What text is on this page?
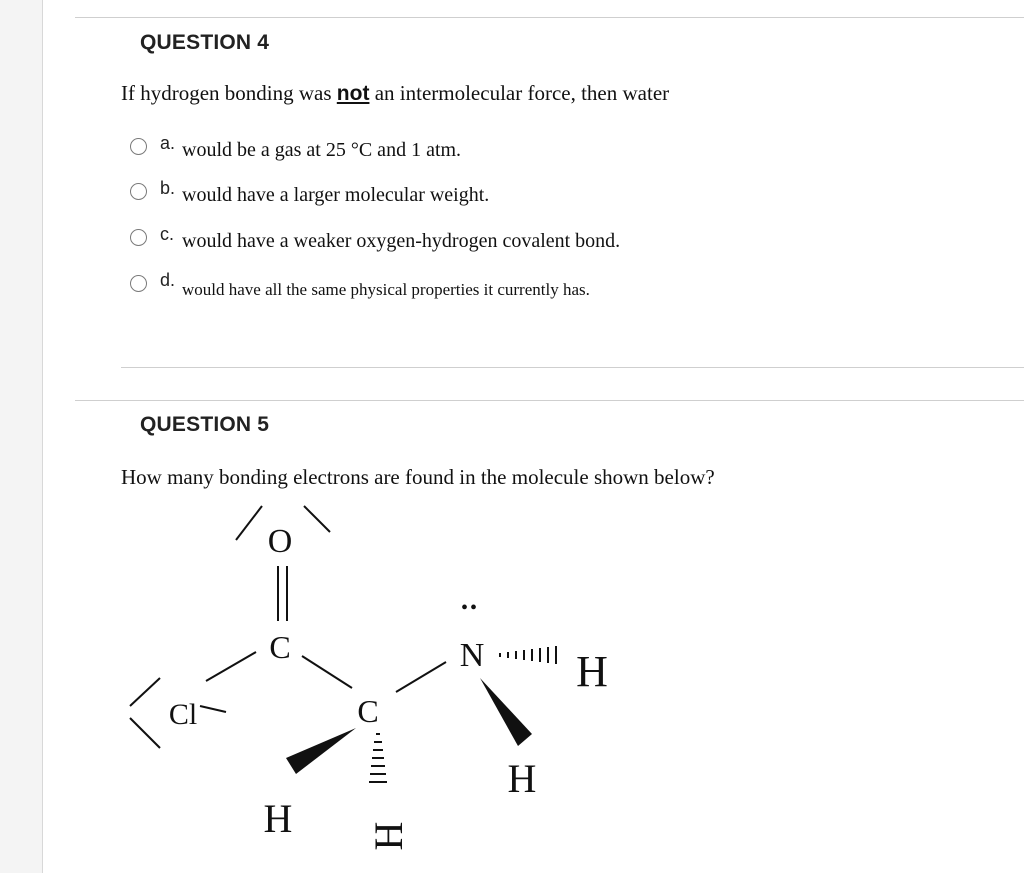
QUESTION 4
If hydrogen bonding was not an intermolecular force, then water
a. would be a gas at 25 °C and 1 atm.
b. would have a larger molecular weight.
c. would have a weaker oxygen-hydrogen covalent bond.
d. would have all the same physical properties it currently has.
QUESTION 5
How many bonding electrons are found in the molecule shown below?
O
C
Cl	C
H H
••
N H
H
